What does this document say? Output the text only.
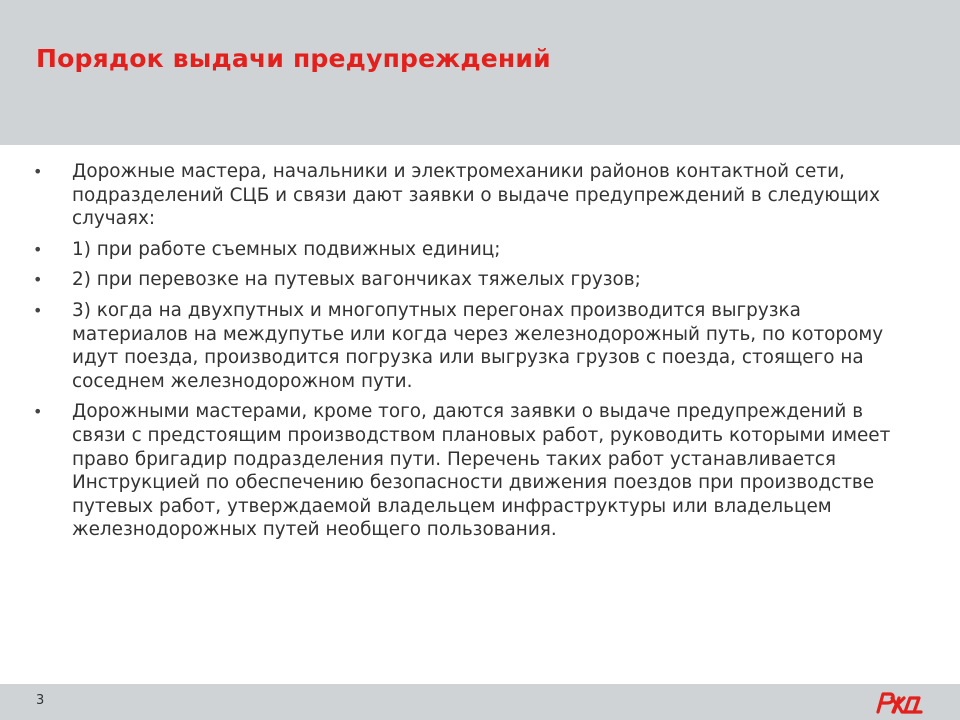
Порядок выдачи предупреждений
• Дорожные мастера, начальники и электромеханики районов контактной сети, подразделений СЦБ и связи дают заявки о выдаче предупреждений в следующих случаях:
• 1) при работе съемных подвижных единиц;
• 2) при перевозке на путевых вагончиках тяжелых грузов;
• 3) когда на двухпутных и многопутных перегонах производится выгрузка материалов на междупутье или когда через железнодорожный путь, по которому идут поезда, производится погрузка или выгрузка грузов с поезда, стоящего на соседнем железнодорожном пути.
• Дорожными мастерами, кроме того, даются заявки о выдаче предупреждений в связи с предстоящим производством плановых работ, руководить которыми имеет право бригадир подразделения пути. Перечень таких работ устанавливается Инструкцией по обеспечению безопасности движения поездов при производстве путевых работ, утверждаемой владельцем инфраструктуры или владельцем железнодорожных путей необщего пользования.
3
